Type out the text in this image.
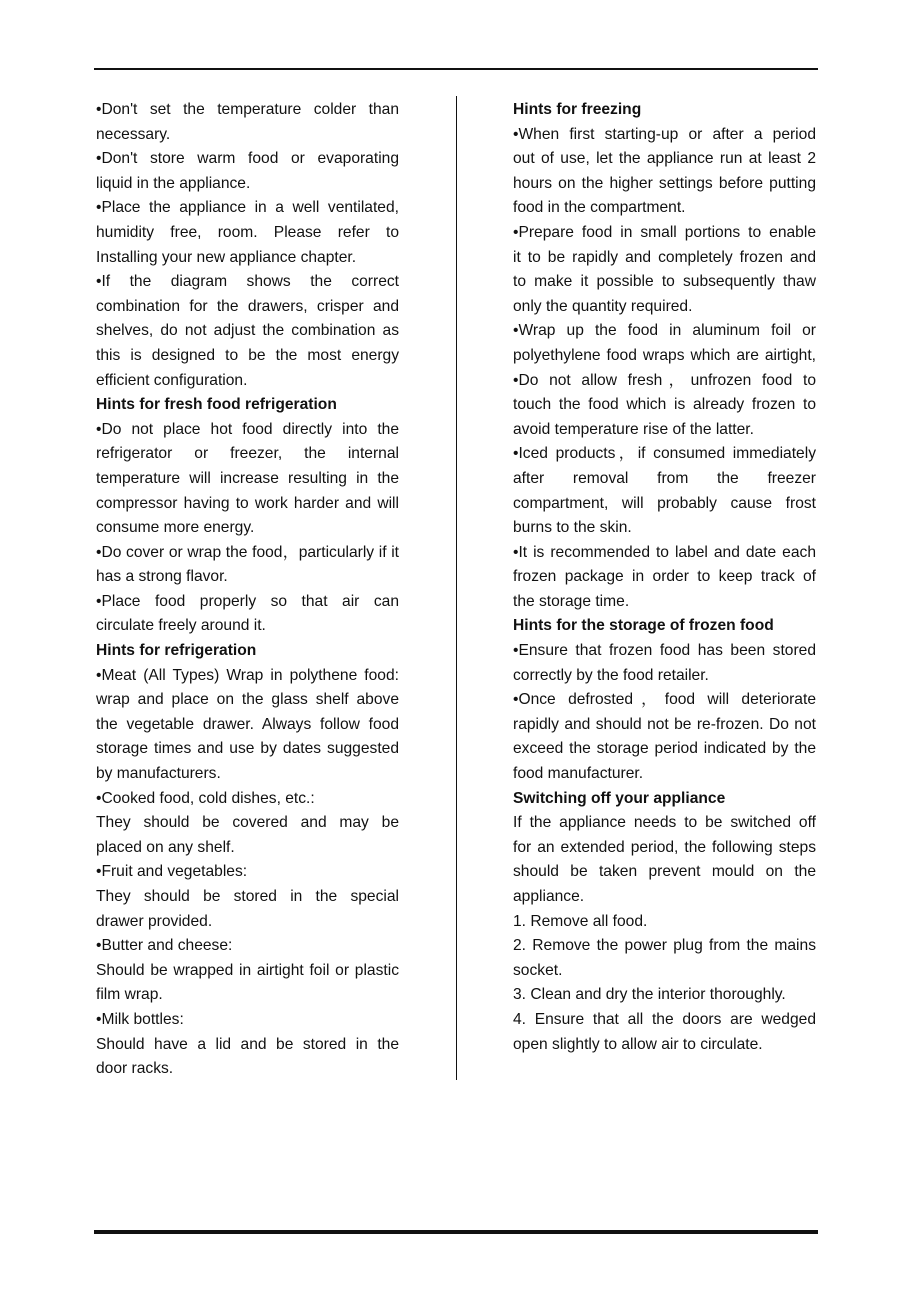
•Don't set the temperature colder than
necessary.
•Don't store warm food or evaporating
liquid in the appliance.
•Place the appliance in a well ventilated,
humidity free, room. Please refer to
Installing your new appliance chapter.
•If the diagram shows the correct
combination for the drawers, crisper and
shelves, do not adjust the combination as
this is designed to be the most energy
efficient configuration.
Hints for fresh food refrigeration
•Do not place hot food directly into the
refrigerator or freezer, the internal
temperature will increase resulting in the
compressor having to work harder and will
consume more energy.
•Do cover or wrap the food，particularly if it
has a strong flavor.
•Place food properly so that air can
circulate freely around it.
Hints for refrigeration
•Meat (All Types) Wrap in polythene food:
wrap and place on the glass shelf above
the vegetable drawer. Always follow food
storage times and use by dates suggested
by manufacturers.
•Cooked food, cold dishes, etc.:
They should be covered and may be
placed on any shelf.
•Fruit and vegetables:
They should be stored in the special
drawer provided.
•Butter and cheese:
Should be wrapped in airtight foil or plastic
film wrap.
•Milk bottles:
Should have a lid and be stored in the
door racks.
Hints for freezing
•When first starting-up or after a period
out of use, let the appliance run at least 2
hours on the higher settings before putting
food in the compartment.
•Prepare food in small portions to enable
it to be rapidly and completely frozen and
to make it possible to subsequently thaw
only the quantity required.
•Wrap up the food in aluminum foil or
polyethylene food wraps which are airtight,
•Do not allow fresh，unfrozen food to
touch the food which is already frozen to
avoid temperature rise of the latter.
•Iced products，if consumed immediately
after removal from the freezer
compartment, will probably cause frost
burns to the skin.
•It is recommended to label and date each
frozen package in order to keep track of
the storage time.
Hints for the storage of frozen food
•Ensure that frozen food has been stored
correctly by the food retailer.
•Once defrosted，food will deteriorate
rapidly and should not be re-frozen. Do not
exceed the storage period indicated by the
food manufacturer.
Switching off your appliance
If the appliance needs to be switched off
for an extended period, the following steps
should be taken prevent mould on the
appliance.
1. Remove all food.
2. Remove the power plug from the mains
socket.
3. Clean and dry the interior thoroughly.
4. Ensure that all the doors are wedged
open slightly to allow air to circulate.
